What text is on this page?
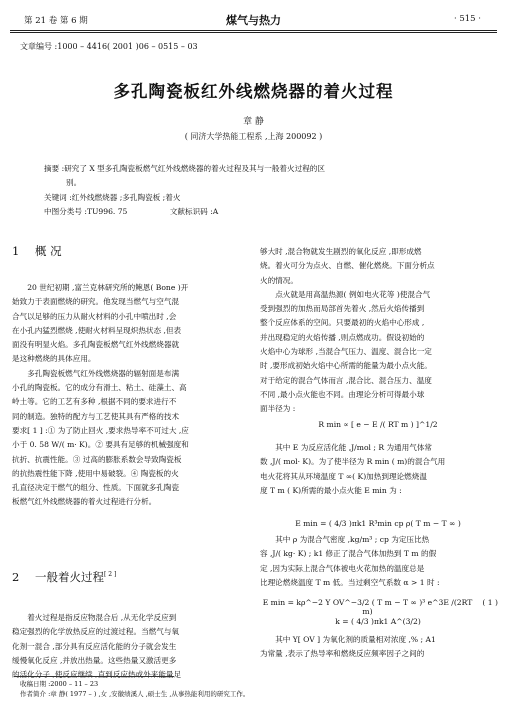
第 21 卷 第 6 期	煤气与热力	· 515 ·
文章编号 :1000 – 4416( 2001 )06 – 0515 – 03
多孔陶瓷板红外线燃烧器的着火过程
章 静
( 同济大学热能工程系 ,上海 200092 )
摘要 :研究了 X 型多孔陶瓷板燃气红外线燃烧器的着火过程及其与一般着火过程的区
别。
关键词 :红外线燃烧器 ;多孔陶瓷板 ;着火
中图分类号 :TU996. 75	文献标识码 :A
1 概 况
20 世纪初期 ,富兰克林研究所的鲍恩( Bone )开
始致力于表面燃烧的研究。他发现当燃气与空气混
合气以足够的压力从耐火材料的小孔中喷出时 ,会
在小孔内猛烈燃烧 ,使耐火材料呈现炽热状态 ,但表
面没有明显火焰。多孔陶瓷板燃气红外线燃烧器就
是这种燃烧的具体应用。
多孔陶瓷板燃气红外线燃烧器的辐射面是布满
小孔的陶瓷板。它的成分有滑土、粘土、硅藻土、高
岭土等。它的工艺有多种 ,根据不同的要求进行不
同的制造。独特的配方与工艺使其具有严格的技术
要求[ 1 ] :① 为了防止回火 ,要求热导率不可过大 ,应
小于 0. 58 W/( m· K)。② 要具有足够的机械强度和
抗折、抗震性能。③ 过高的膨胀系数会导致陶瓷板
的抗热震性能下降 ,使用中易破裂。④ 陶瓷板的火
孔直径决定于燃气的组分、性质。下面就多孔陶瓷
板燃气红外线燃烧器的着火过程进行分析。
2 一般着火过程[ 2 ]
着火过程是指反应物混合后 ,从无化学反应到
稳定强烈的化学放热反应的过渡过程。当燃气与氧
化剂一混合 ,部分具有反应活化能的分子就会发生
缓慢氧化反应 ,并放出热量。这些热量又激活更多
的活化分子 ,使反应继续 ,直到反应热或外来能量足
够大时 ,混合物就发生剧烈的氧化反应 ,即形成燃
烧。着火可分为点火、自燃、催化燃烧。下面分析点
火的情况。
点火就是用高温热源( 例如电火花等 )使混合气
受到强烈的加热而局部首先着火 ,然后火焰传播到
整个反应体系的空间。只要最初的火焰中心形成 ,
并出现稳定的火焰传播 ,则点燃成功。假设初始的
火焰中心为球形 ,当混合气压力、温度、混合比一定
时 ,要形成初始火焰中心所需的能量为最小点火能。
对于给定的混合气体而言 ,混合比、混合压力、温度
不同 ,最小点火能也不同。由理论分析可得最小球
面半径为 :
R min ∝ [ e − E /( RT m ) ]^1/2
其中 E 为反应活化能 ,J/mol ; R 为通用气体常
数 ,J/( mol· K)。为了使半径为 R min ( m)的混合气用
电火花将其从环境温度 T ∞( K)加热到理论燃烧温
度 T m ( K)所需的最小点火能 E min 为 :
E min = ( 4/3 )πk1 R³min cp ρ( T m − T ∞ )
其中 ρ 为混合气密度 ,kg/m³ ; cp 为定压比热
容 ,J/( kg· K) ; k1 修正了混合气体加热到 T m 的假
定 ,因为实际上混合气体被电火花加热的温度总是
比理论燃烧温度 T m 低。当过剩空气系数 α > 1 时 :
E min = kρ^−2 Y OV^−3/2 ( T m − T ∞ )³ e^3E /(2RT m)
( 1 )
k = ( 4/3 )πk1 A^(3/2)
其中 Y[ OV ] 为氧化剂的质量相对浓度 ,% ; A1
为常量 ,表示了热导率和燃烧反应频率因子之间的
收稿日期 :2000 – 11 – 23
作者简介 :章 静( 1977 – ) ,女 ,安徽绩溪人 ,硕士生 ,从事热能利用的研究工作。
